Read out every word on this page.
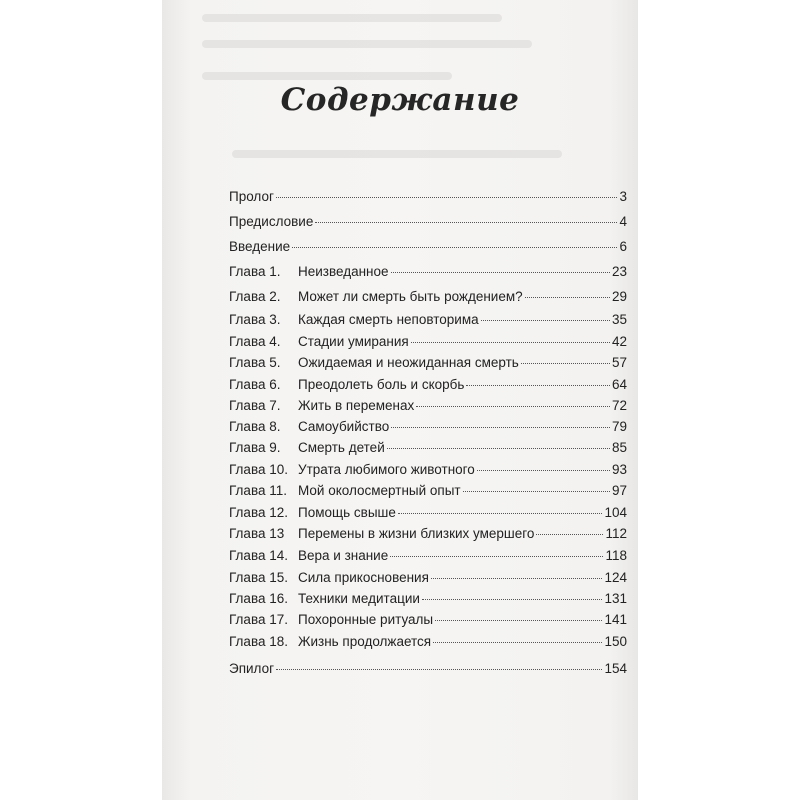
Содержание
Пролог	3
Предисловие	4
Введение	6
Глава 1.	Неизведанное	23
Глава 2.	Может ли смерть быть рождением?	29
Глава 3.	Каждая смерть неповторима	35
Глава 4.	Стадии умирания	42
Глава 5.	Ожидаемая и неожиданная смерть	57
Глава 6.	Преодолеть боль и скорбь	64
Глава 7.	Жить в переменах	72
Глава 8.	Самоубийство	79
Глава 9.	Смерть детей	85
Глава 10. Утрата любимого животного	93
Глава 11. Мой околосмертный опыт	97
Глава 12. Помощь свыше	104
Глава 13	Перемены в жизни близких умершего	112
Глава 14. Вера и знание	118
Глава 15. Сила прикосновения	124
Глава 16. Техники медитации	131
Глава 17. Похоронные ритуалы	141
Глава 18. Жизнь продолжается	150
Эпилог	154
